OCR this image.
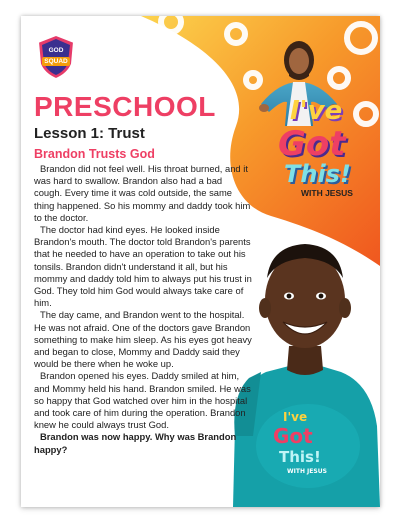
GOD
SQUAD
I've
Got
This!
WITH JESUS
PRESCHOOL
Lesson 1: Trust
Brandon Trusts God

Brandon did not feel well. His throat burned, and it was hard to swallow. Brandon also had a bad cough. Every time it was cold outside, the same thing happened. So his mommy and daddy took him to the doctor.

The doctor had kind eyes. He looked inside Brandon's mouth. The doctor told Brandon's parents that he needed to have an operation to take out his tonsils. Brandon didn't understand it all, but his mommy and daddy told him to always put his trust in God. They told him God would always take care of him.

The day came, and Brandon went to the hospital. He was not afraid. One of the doctors gave Brandon something to make him sleep. As his eyes got heavy and began to close, Mommy and Daddy said they would be there when he woke up.

Brandon opened his eyes. Daddy smiled at him, and Mommy held his hand. Brandon smiled. He was so happy that God watched over him in the hospital and took care of him during the operation. Brandon knew he could always trust God.

Brandon was now happy. Why was Brandon happy?

I've
Got
This!
WITH JESUS
